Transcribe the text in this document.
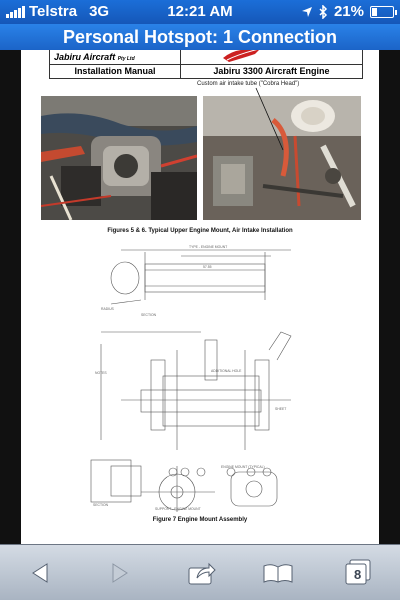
Telstra 3G	12:21 AM	21%
Personal Hotspot: 1 Connection
Jabiru Aircraft Pty Ltd	

Installation Manual	Jabiru 3300 Aircraft Engine
Custom air intake tube ("Cobra Head")
Figures 5 & 6. Typical Upper Engine Mount, Air Intake Installation
TYPE - ENGINE MOUNT
RADIUS
57.55
SECTION
ADDITIONAL HOLE
NOTES
SHEET
SECTION
SUPPORT - ENGINE MOUNT
ENGINE MOUNT (TYPICAL)
Figure 7 Engine Mount Assembly
8
